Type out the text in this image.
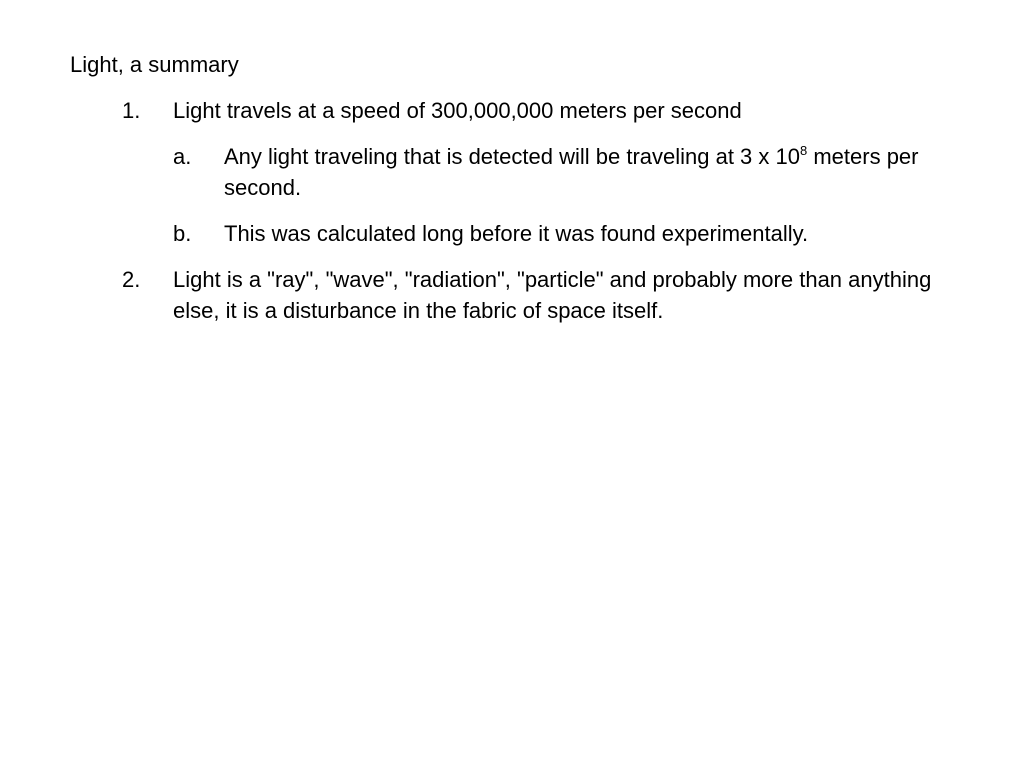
Light, a summary
1. Light travels at a speed of 300,000,000 meters per second
a. Any light traveling that is detected will be traveling at 3 x $10^8$ meters per second.
b. This was calculated long before it was found experimentally.
2. Light is a "ray", "wave", "radiation", "particle" and probably more than anything else, it is a disturbance in the fabric of space itself.
